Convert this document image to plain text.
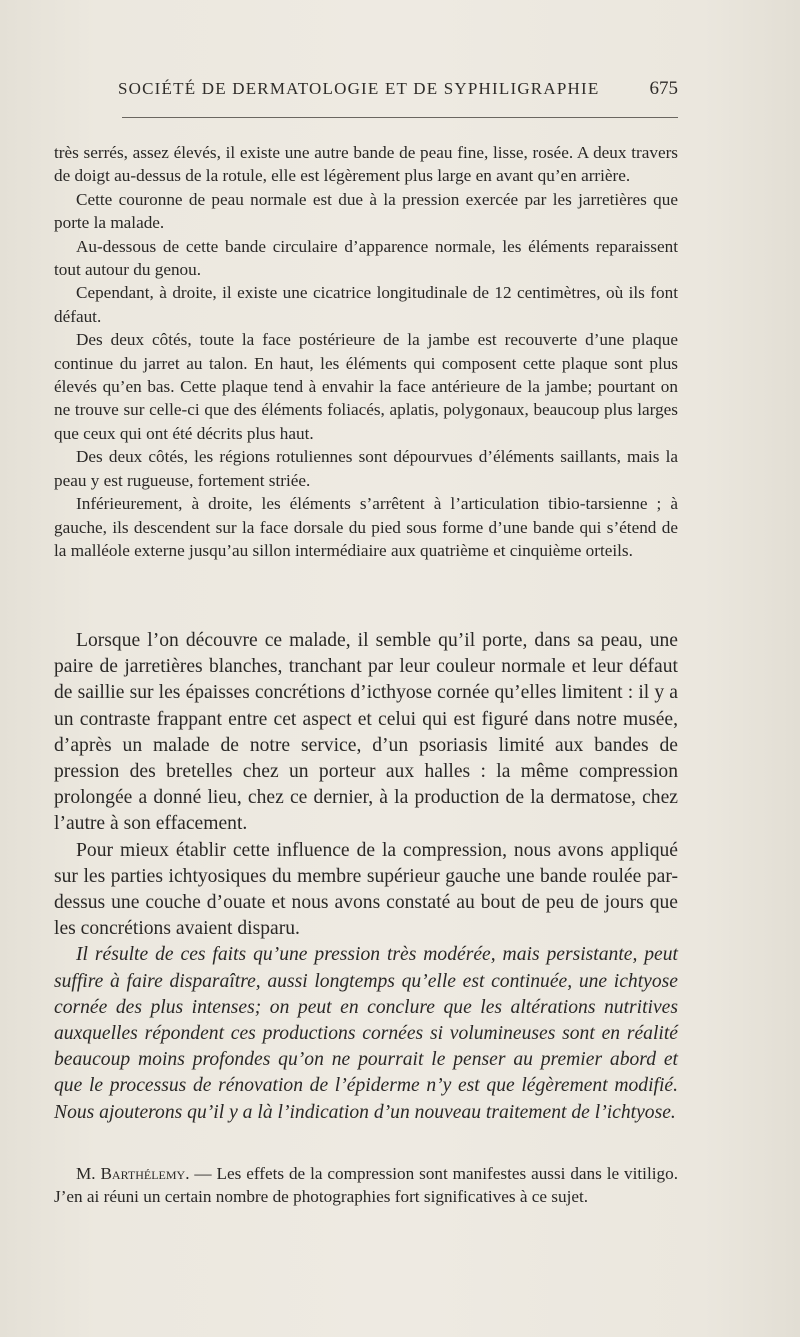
SOCIÉTÉ DE DERMATOLOGIE ET DE SYPHILIGRAPHIE	675

très serrés, assez élevés, il existe une autre bande de peau fine, lisse, rosée. A deux travers de doigt au-dessus de la rotule, elle est légèrement plus large en avant qu’en arrière.

Cette couronne de peau normale est due à la pression exercée par les jarretières que porte la malade.

Au-dessous de cette bande circulaire d’apparence normale, les éléments reparaissent tout autour du genou.

Cependant, à droite, il existe une cicatrice longitudinale de 12 centimètres, où ils font défaut.

Des deux côtés, toute la face postérieure de la jambe est recouverte d’une plaque continue du jarret au talon. En haut, les éléments qui composent cette plaque sont plus élevés qu’en bas. Cette plaque tend à envahir la face antérieure de la jambe; pourtant on ne trouve sur celle-ci que des éléments foliacés, aplatis, polygonaux, beaucoup plus larges que ceux qui ont été décrits plus haut.

Des deux côtés, les régions rotuliennes sont dépourvues d’éléments saillants, mais la peau y est rugueuse, fortement striée.

Inférieurement, à droite, les éléments s’arrêtent à l’articulation tibio-tarsienne ; à gauche, ils descendent sur la face dorsale du pied sous forme d’une bande qui s’étend de la malléole externe jusqu’au sillon intermédiaire aux quatrième et cinquième orteils.

Lorsque l’on découvre ce malade, il semble qu’il porte, dans sa peau, une paire de jarretières blanches, tranchant par leur couleur normale et leur défaut de saillie sur les épaisses concrétions d’icthyose cornée qu’elles limitent : il y a un contraste frappant entre cet aspect et celui qui est figuré dans notre musée, d’après un malade de notre service, d’un psoriasis limité aux bandes de pression des bretelles chez un porteur aux halles : la même compression prolongée a donné lieu, chez ce dernier, à la production de la dermatose, chez l’autre à son effacement.

Pour mieux établir cette influence de la compression, nous avons appliqué sur les parties ichtyosiques du membre supérieur gauche une bande roulée par-dessus une couche d’ouate et nous avons constaté au bout de peu de jours que les concrétions avaient disparu.

Il résulte de ces faits qu’une pression très modérée, mais persistante, peut suffire à faire disparaître, aussi longtemps qu’elle est continuée, une ichtyose cornée des plus intenses; on peut en conclure que les altérations nutritives auxquelles répondent ces productions cornées si volumineuses sont en réalité beaucoup moins profondes qu’on ne pourrait le penser au premier abord et que le processus de rénovation de l’épiderme n’y est que légèrement modifié. Nous ajouterons qu’il y a là l’indication d’un nouveau traitement de l’ichtyose.

M. Barthélemy. — Les effets de la compression sont manifestes aussi dans le vitiligo. J’en ai réuni un certain nombre de photographies fort significatives à ce sujet.
